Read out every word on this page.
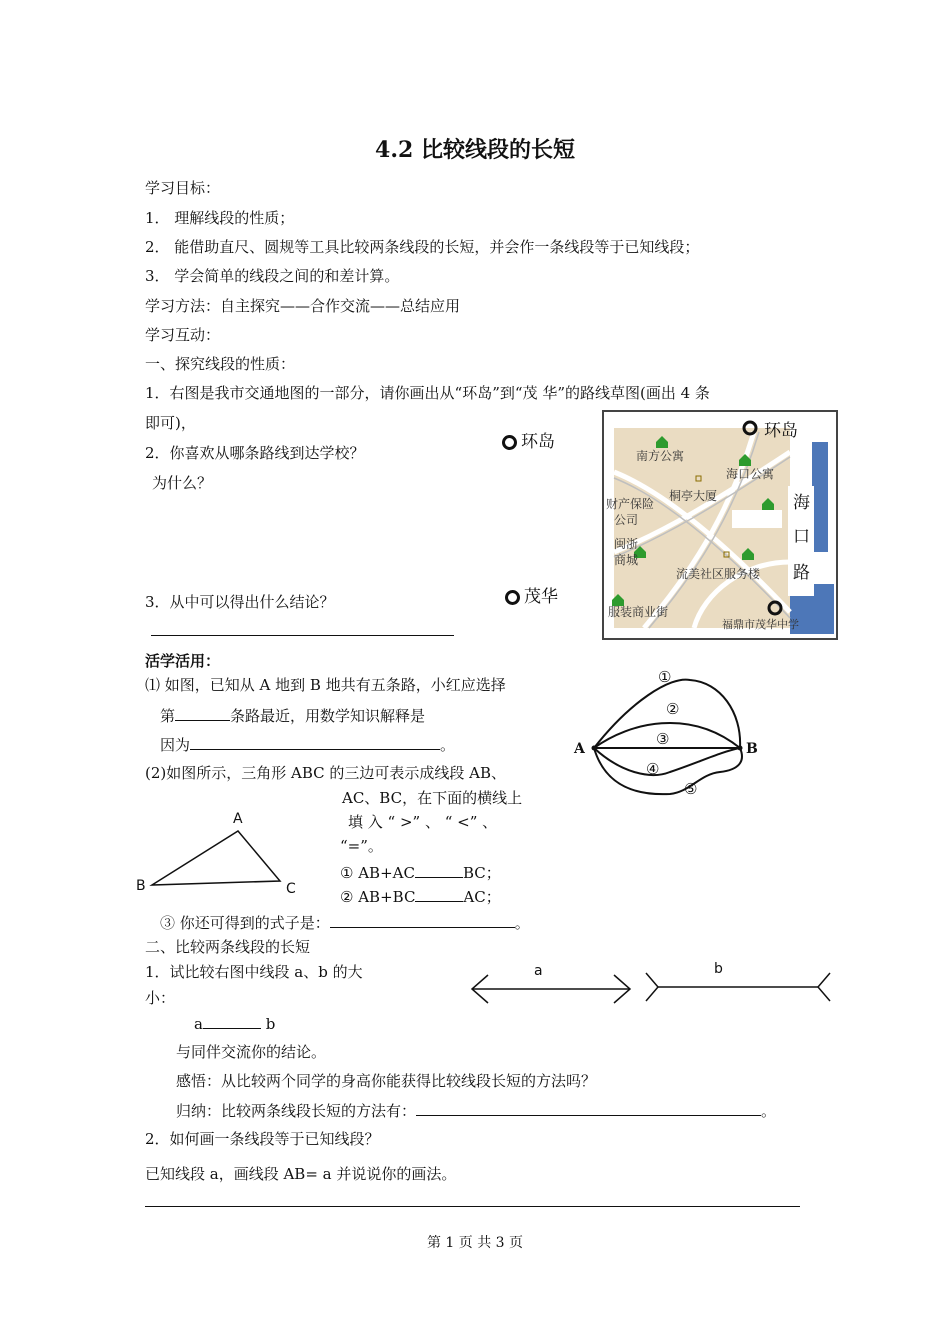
4.2 比较线段的长短
学习目标：
1． 理解线段的性质；
2． 能借助直尺、圆规等工具比较两条线段的长短，并会作一条线段等于已知线段；
3． 学会简单的线段之间的和差计算。
学习方法：自主探究——合作交流——总结应用
学习互动：
一、探究线段的性质：
1．右图是我市交通地图的一部分，请你画出从“环岛”到“茂 华”的路线草图(画出 4 条
即可)，
2．你喜欢从哪条路线到达学校？
为什么？
3．从中可以得出什么结论？
环岛
茂华
南方公寓
海口公寓
桐亭大厦
财产保险
公司
闽浙
商城
流美社区服务楼
服装商业街
福鼎市茂华中学
环岛
海
口
路
活学活用：
⑴ 如图，已知从 A 地到 B 地共有五条路，小红应选择
第	条路最近，用数学知识解释是
因为	。
(2)如图所示，三角形 ABC 的三边可表示成线段 AB、
AC、BC，在下面的横线上
填 入 “ >” 、 “ <” 、
“=”。
① AB+AC	BC；
② AB+BC	AC；
③ 你还可得到的式子是：	。
A	B
①
②
③
④
⑤
A
B	C
二、比较两条线段的长短
1．试比较右图中线段 a、b 的大
小：
a	b
与同伴交流你的结论。
感悟：从比较两个同学的身高你能获得比较线段长短的方法吗？
归纳：比较两条线段长短的方法有：	。
2．如何画一条线段等于已知线段？
已知线段 a，画线段 AB= a 并说说你的画法。
a	b
第 1 页 共 3 页
